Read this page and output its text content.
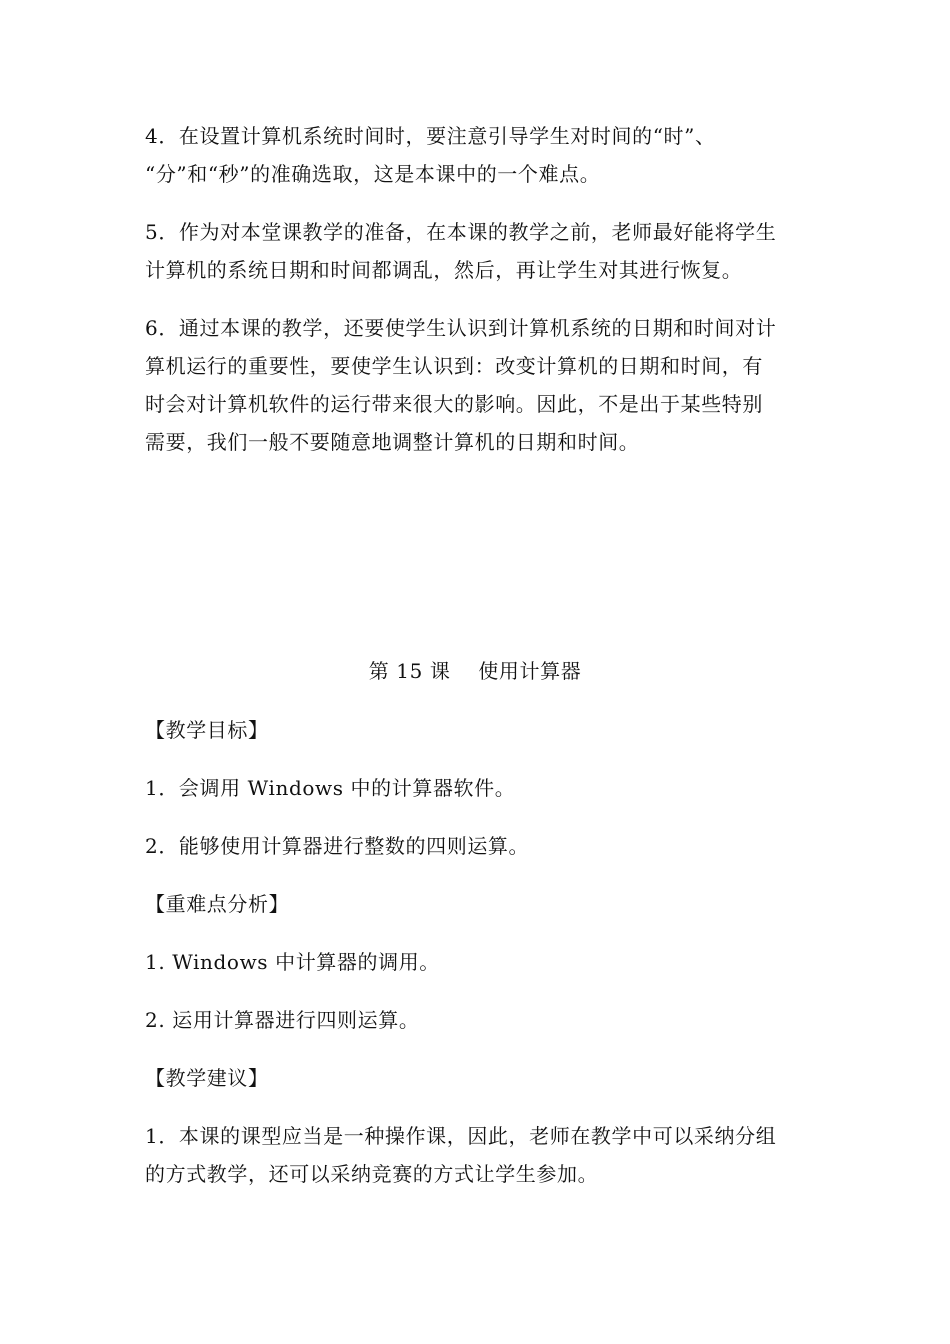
4．在设置计算机系统时间时，要注意引导学生对时间的“时”、
“分”和“秒”的准确选取，这是本课中的一个难点。
5．作为对本堂课教学的准备，在本课的教学之前，老师最好能将学生
计算机的系统日期和时间都调乱，然后，再让学生对其进行恢复。
6．通过本课的教学，还要使学生认识到计算机系统的日期和时间对计
算机运行的重要性，要使学生认识到：改变计算机的日期和时间，有
时会对计算机软件的运行带来很大的影响。因此，不是出于某些特别
需要，我们一般不要随意地调整计算机的日期和时间。
第 15 课    使用计算器
【教学目标】
1．会调用 Windows 中的计算器软件。
2．能够使用计算器进行整数的四则运算。
【重难点分析】
1. Windows 中计算器的调用。
2. 运用计算器进行四则运算。
【教学建议】
1．本课的课型应当是一种操作课，因此，老师在教学中可以采纳分组
的方式教学，还可以采纳竞赛的方式让学生参加。
